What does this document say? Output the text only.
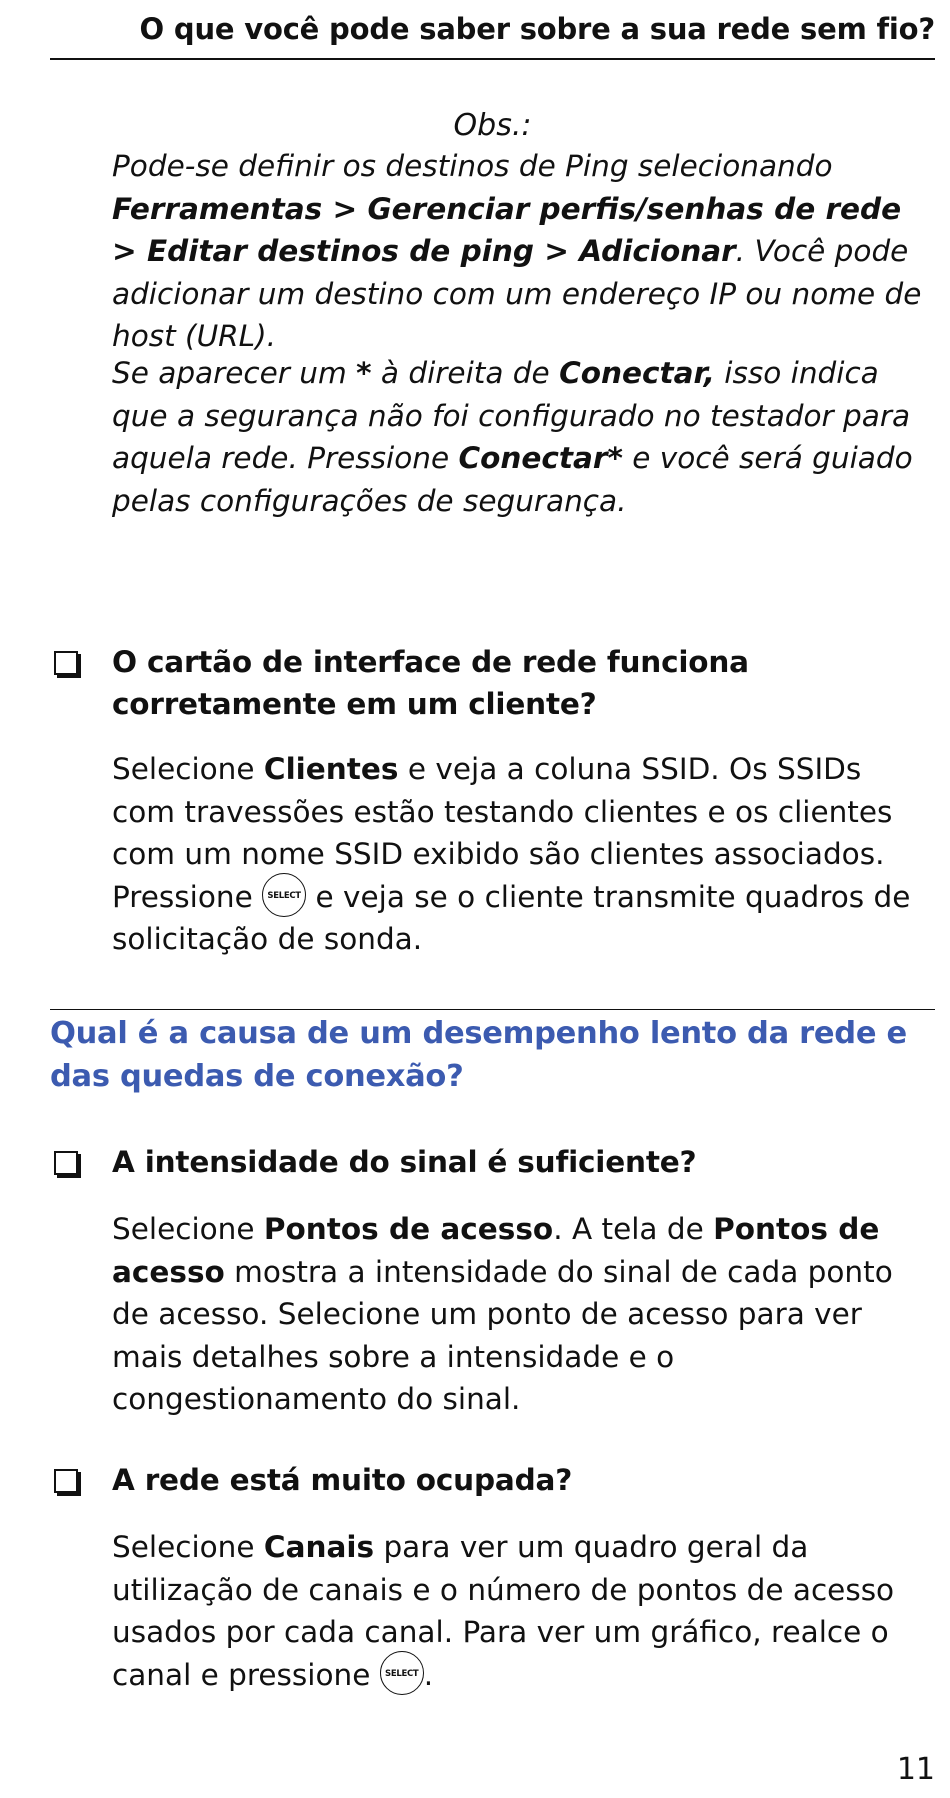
O que você pode saber sobre a sua rede sem fio?
Obs.:

Pode-se definir os destinos de Ping selecionando Ferramentas > Gerenciar perfis/senhas de rede > Editar destinos de ping > Adicionar. Você pode adicionar um destino com um endereço IP ou nome de host (URL).

Se aparecer um * à direita de Conectar, isso indica que a segurança não foi configurado no testador para aquela rede. Pressione Conectar* e você será guiado pelas configurações de segurança.

O cartão de interface de rede funciona corretamente em um cliente?

Selecione Clientes e veja a coluna SSID. Os SSIDs com travessões estão testando clientes e os clientes com um nome SSID exibido são clientes associados. Pressione SELECT e veja se o cliente transmite quadros de solicitação de sonda.

Qual é a causa de um desempenho lento da rede e das quedas de conexão?
A intensidade do sinal é suficiente?

Selecione Pontos de acesso. A tela de Pontos de acesso mostra a intensidade do sinal de cada ponto de acesso. Selecione um ponto de acesso para ver mais detalhes sobre a intensidade e o congestionamento do sinal.

A rede está muito ocupada?

Selecione Canais para ver um quadro geral da utilização de canais e o número de pontos de acesso usados por cada canal. Para ver um gráfico, realce o canal e pressione SELECT .

11
